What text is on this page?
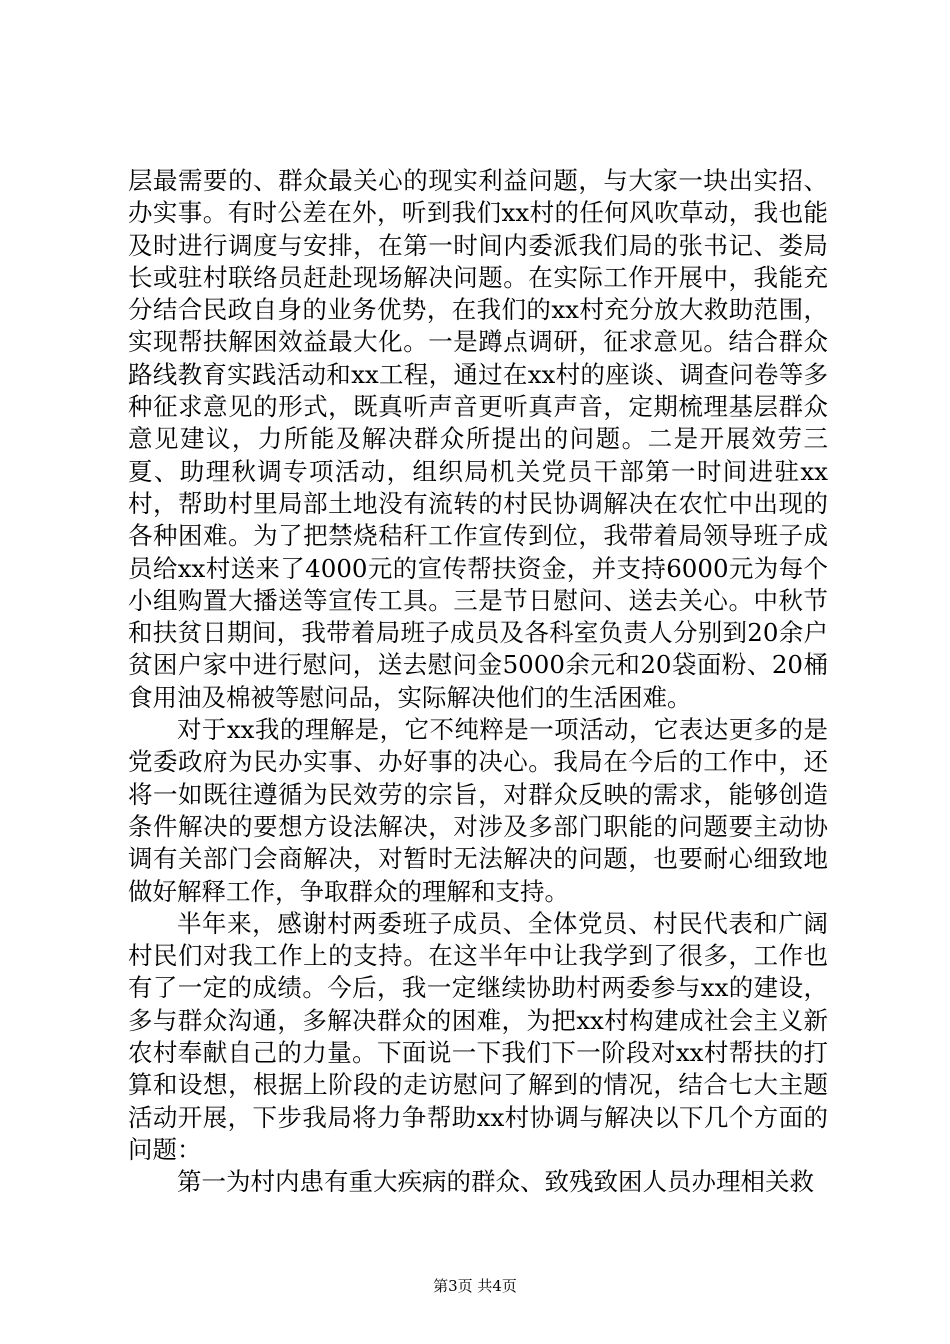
层最需要的、群众最关心的现实利益问题，与大家一块出实招、办实事。有时公差在外，听到我们xx村的任何风吹草动，我也能及时进行调度与安排，在第一时间内委派我们局的张书记、娄局长或驻村联络员赶赴现场解决问题。在实际工作开展中，我能充分结合民政自身的业务优势，在我们的xx村充分放大救助范围，实现帮扶解困效益最大化。一是蹲点调研，征求意见。结合群众路线教育实践活动和xx工程，通过在xx村的座谈、调查问卷等多种征求意见的形式，既真听声音更听真声音，定期梳理基层群众意见建议，力所能及解决群众所提出的问题。二是开展效劳三夏、助理秋调专项活动，组织局机关党员干部第一时间进驻xx村，帮助村里局部土地没有流转的村民协调解决在农忙中出现的各种困难。为了把禁烧秸秆工作宣传到位，我带着局领导班子成员给xx村送来了4000元的宣传帮扶资金，并支持6000元为每个小组购置大播送等宣传工具。三是节日慰问、送去关心。中秋节和扶贫日期间，我带着局班子成员及各科室负责人分别到20余户贫困户家中进行慰问，送去慰问金5000余元和20袋面粉、20桶食用油及棉被等慰问品，实际解决他们的生活困难。

对于xx我的理解是，它不纯粹是一项活动，它表达更多的是党委政府为民办实事、办好事的决心。我局在今后的工作中，还将一如既往遵循为民效劳的宗旨，对群众反映的需求，能够创造条件解决的要想方设法解决，对涉及多部门职能的问题要主动协调有关部门会商解决，对暂时无法解决的问题，也要耐心细致地做好解释工作，争取群众的理解和支持。

半年来，感谢村两委班子成员、全体党员、村民代表和广阔村民们对我工作上的支持。在这半年中让我学到了很多，工作也有了一定的成绩。今后，我一定继续协助村两委参与xx的建设，多与群众沟通，多解决群众的困难，为把xx村构建成社会主义新农村奉献自己的力量。下面说一下我们下一阶段对xx村帮扶的打算和设想，根据上阶段的走访慰问了解到的情况，结合七大主题活动开展，下步我局将力争帮助xx村协调与解决以下几个方面的问题：

第一为村内患有重大疾病的群众、致残致困人员办理相关救

第3页 共4页
